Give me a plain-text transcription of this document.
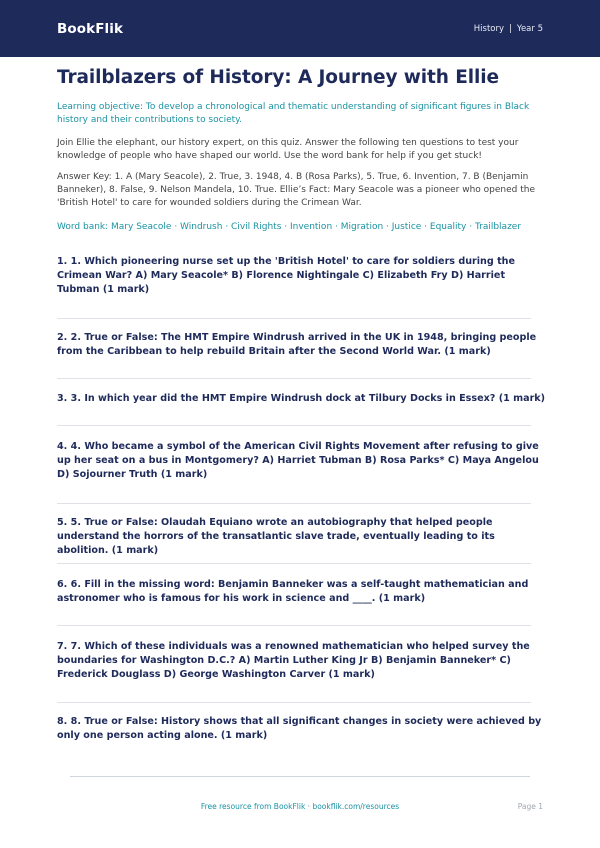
BookFlik	History | Year 5
Trailblazers of History: A Journey with Ellie
Learning objective: To develop a chronological and thematic understanding of significant figures in Black history and their contributions to society.
Join Ellie the elephant, our history expert, on this quiz. Answer the following ten questions to test your knowledge of people who have shaped our world. Use the word bank for help if you get stuck!
Answer Key: 1. A (Mary Seacole), 2. True, 3. 1948, 4. B (Rosa Parks), 5. True, 6. Invention, 7. B (Benjamin Banneker), 8. False, 9. Nelson Mandela, 10. True. Ellie’s Fact: Mary Seacole was a pioneer who opened the 'British Hotel' to care for wounded soldiers during the Crimean War.
Word bank: Mary Seacole · Windrush · Civil Rights · Invention · Migration · Justice · Equality · Trailblazer
1. 1. Which pioneering nurse set up the 'British Hotel' to care for soldiers during the Crimean War? A) Mary Seacole* B) Florence Nightingale C) Elizabeth Fry D) Harriet Tubman (1 mark)
2. 2. True or False: The HMT Empire Windrush arrived in the UK in 1948, bringing people from the Caribbean to help rebuild Britain after the Second World War. (1 mark)
3. 3. In which year did the HMT Empire Windrush dock at Tilbury Docks in Essex? (1 mark)
4. 4. Who became a symbol of the American Civil Rights Movement after refusing to give up her seat on a bus in Montgomery? A) Harriet Tubman B) Rosa Parks* C) Maya Angelou D) Sojourner Truth (1 mark)
5. 5. True or False: Olaudah Equiano wrote an autobiography that helped people understand the horrors of the transatlantic slave trade, eventually leading to its abolition. (1 mark)
6. 6. Fill in the missing word: Benjamin Banneker was a self-taught mathematician and astronomer who is famous for his work in science and ____. (1 mark)
7. 7. Which of these individuals was a renowned mathematician who helped survey the boundaries for Washington D.C.? A) Martin Luther King Jr B) Benjamin Banneker* C) Frederick Douglass D) George Washington Carver (1 mark)
8. 8. True or False: History shows that all significant changes in society were achieved by only one person acting alone. (1 mark)
Free resource from BookFlik · bookflik.com/resources	Page 1
